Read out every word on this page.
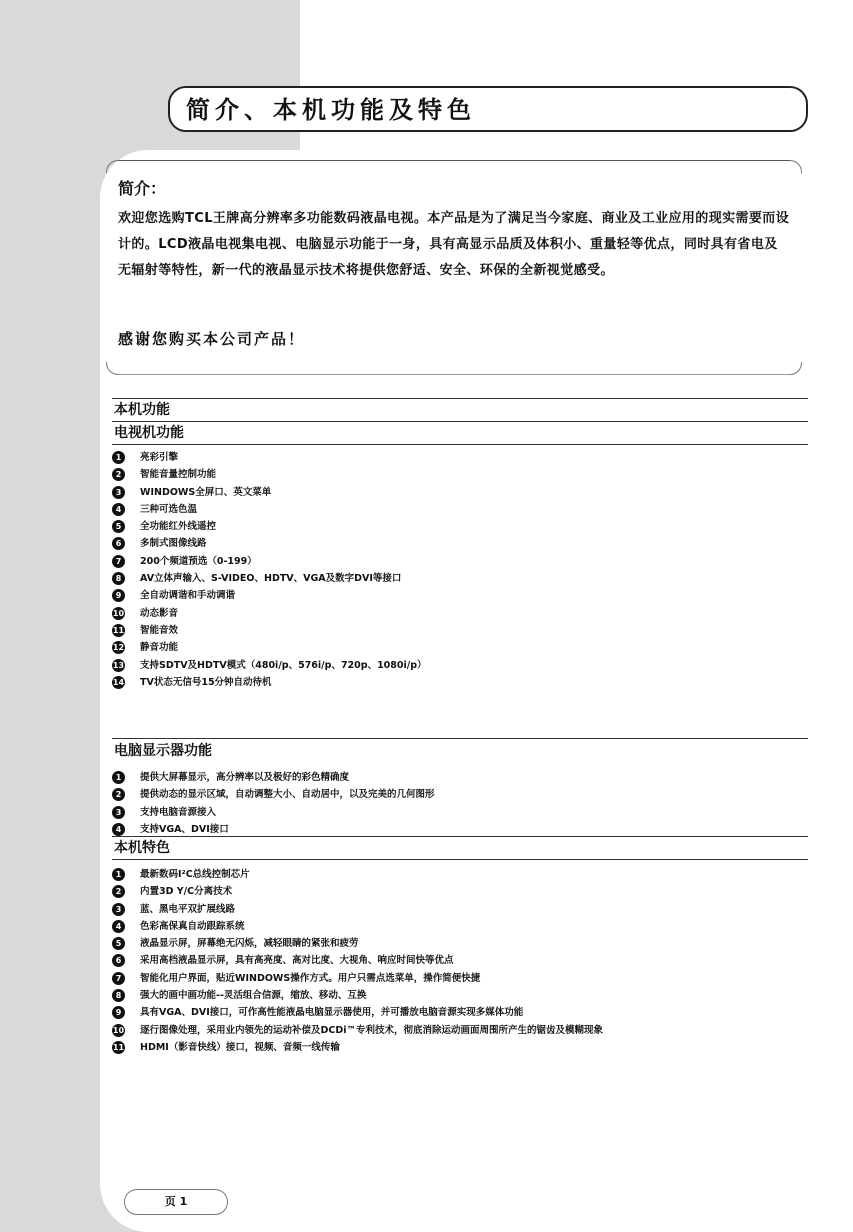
简介、本机功能及特色
简介：
欢迎您选购TCL王牌高分辨率多功能数码液晶电视。本产品是为了满足当今家庭、商业及工业应用的现实需要而设计的。LCD液晶电视集电视、电脑显示功能于一身，具有高显示品质及体积小、重量轻等优点，同时具有省电及无辐射等特性，新一代的液晶显示技术将提供您舒适、安全、环保的全新视觉感受。
感谢您购买本公司产品！
本机功能
电视机功能
1	亮彩引擎
2	智能音量控制功能
3	WINDOWS全屏口、英文菜单
4	三种可选色温
5	全功能红外线遥控
6	多制式图像线路
7	200个频道预选（0-199）
8	AV立体声输入、S-VIDEO、HDTV、VGA及数字DVI等接口
9	全自动调谐和手动调谐
10 动态影音
11 智能音效
12 静音功能
13 支持SDTV及HDTV模式（480i/p、576i/p、720p、1080i/p）
14 TV状态无信号15分钟自动待机
电脑显示器功能
1	提供大屏幕显示，高分辨率以及极好的彩色精确度
2	提供动态的显示区域，自动调整大小、自动居中，以及完美的几何图形
3	支持电脑音源接入
4	支持VGA、DVI接口
本机特色
1	最新数码I²C总线控制芯片
2	内置3D Y/C分离技术
3	蓝、黑电平双扩展线路
4	色彩高保真自动跟踪系统
5	液晶显示屏，屏幕绝无闪烁，减轻眼睛的紧张和疲劳
6	采用高档液晶显示屏，具有高亮度、高对比度、大视角、响应时间快等优点
7	智能化用户界面，贴近WINDOWS操作方式。用户只需点选菜单，操作简便快捷
8	强大的画中画功能--灵活组合信源，缩放、移动、互换
9	具有VGA、DVI接口，可作高性能液晶电脑显示器使用，并可播放电脑音源实现多媒体功能
10 逐行图像处理，采用业内领先的运动补偿及DCDi™专利技术，彻底消除运动画面周围所产生的锯齿及模糊现象
11 HDMI（影音快线）接口，视频、音频一线传输
页 1
